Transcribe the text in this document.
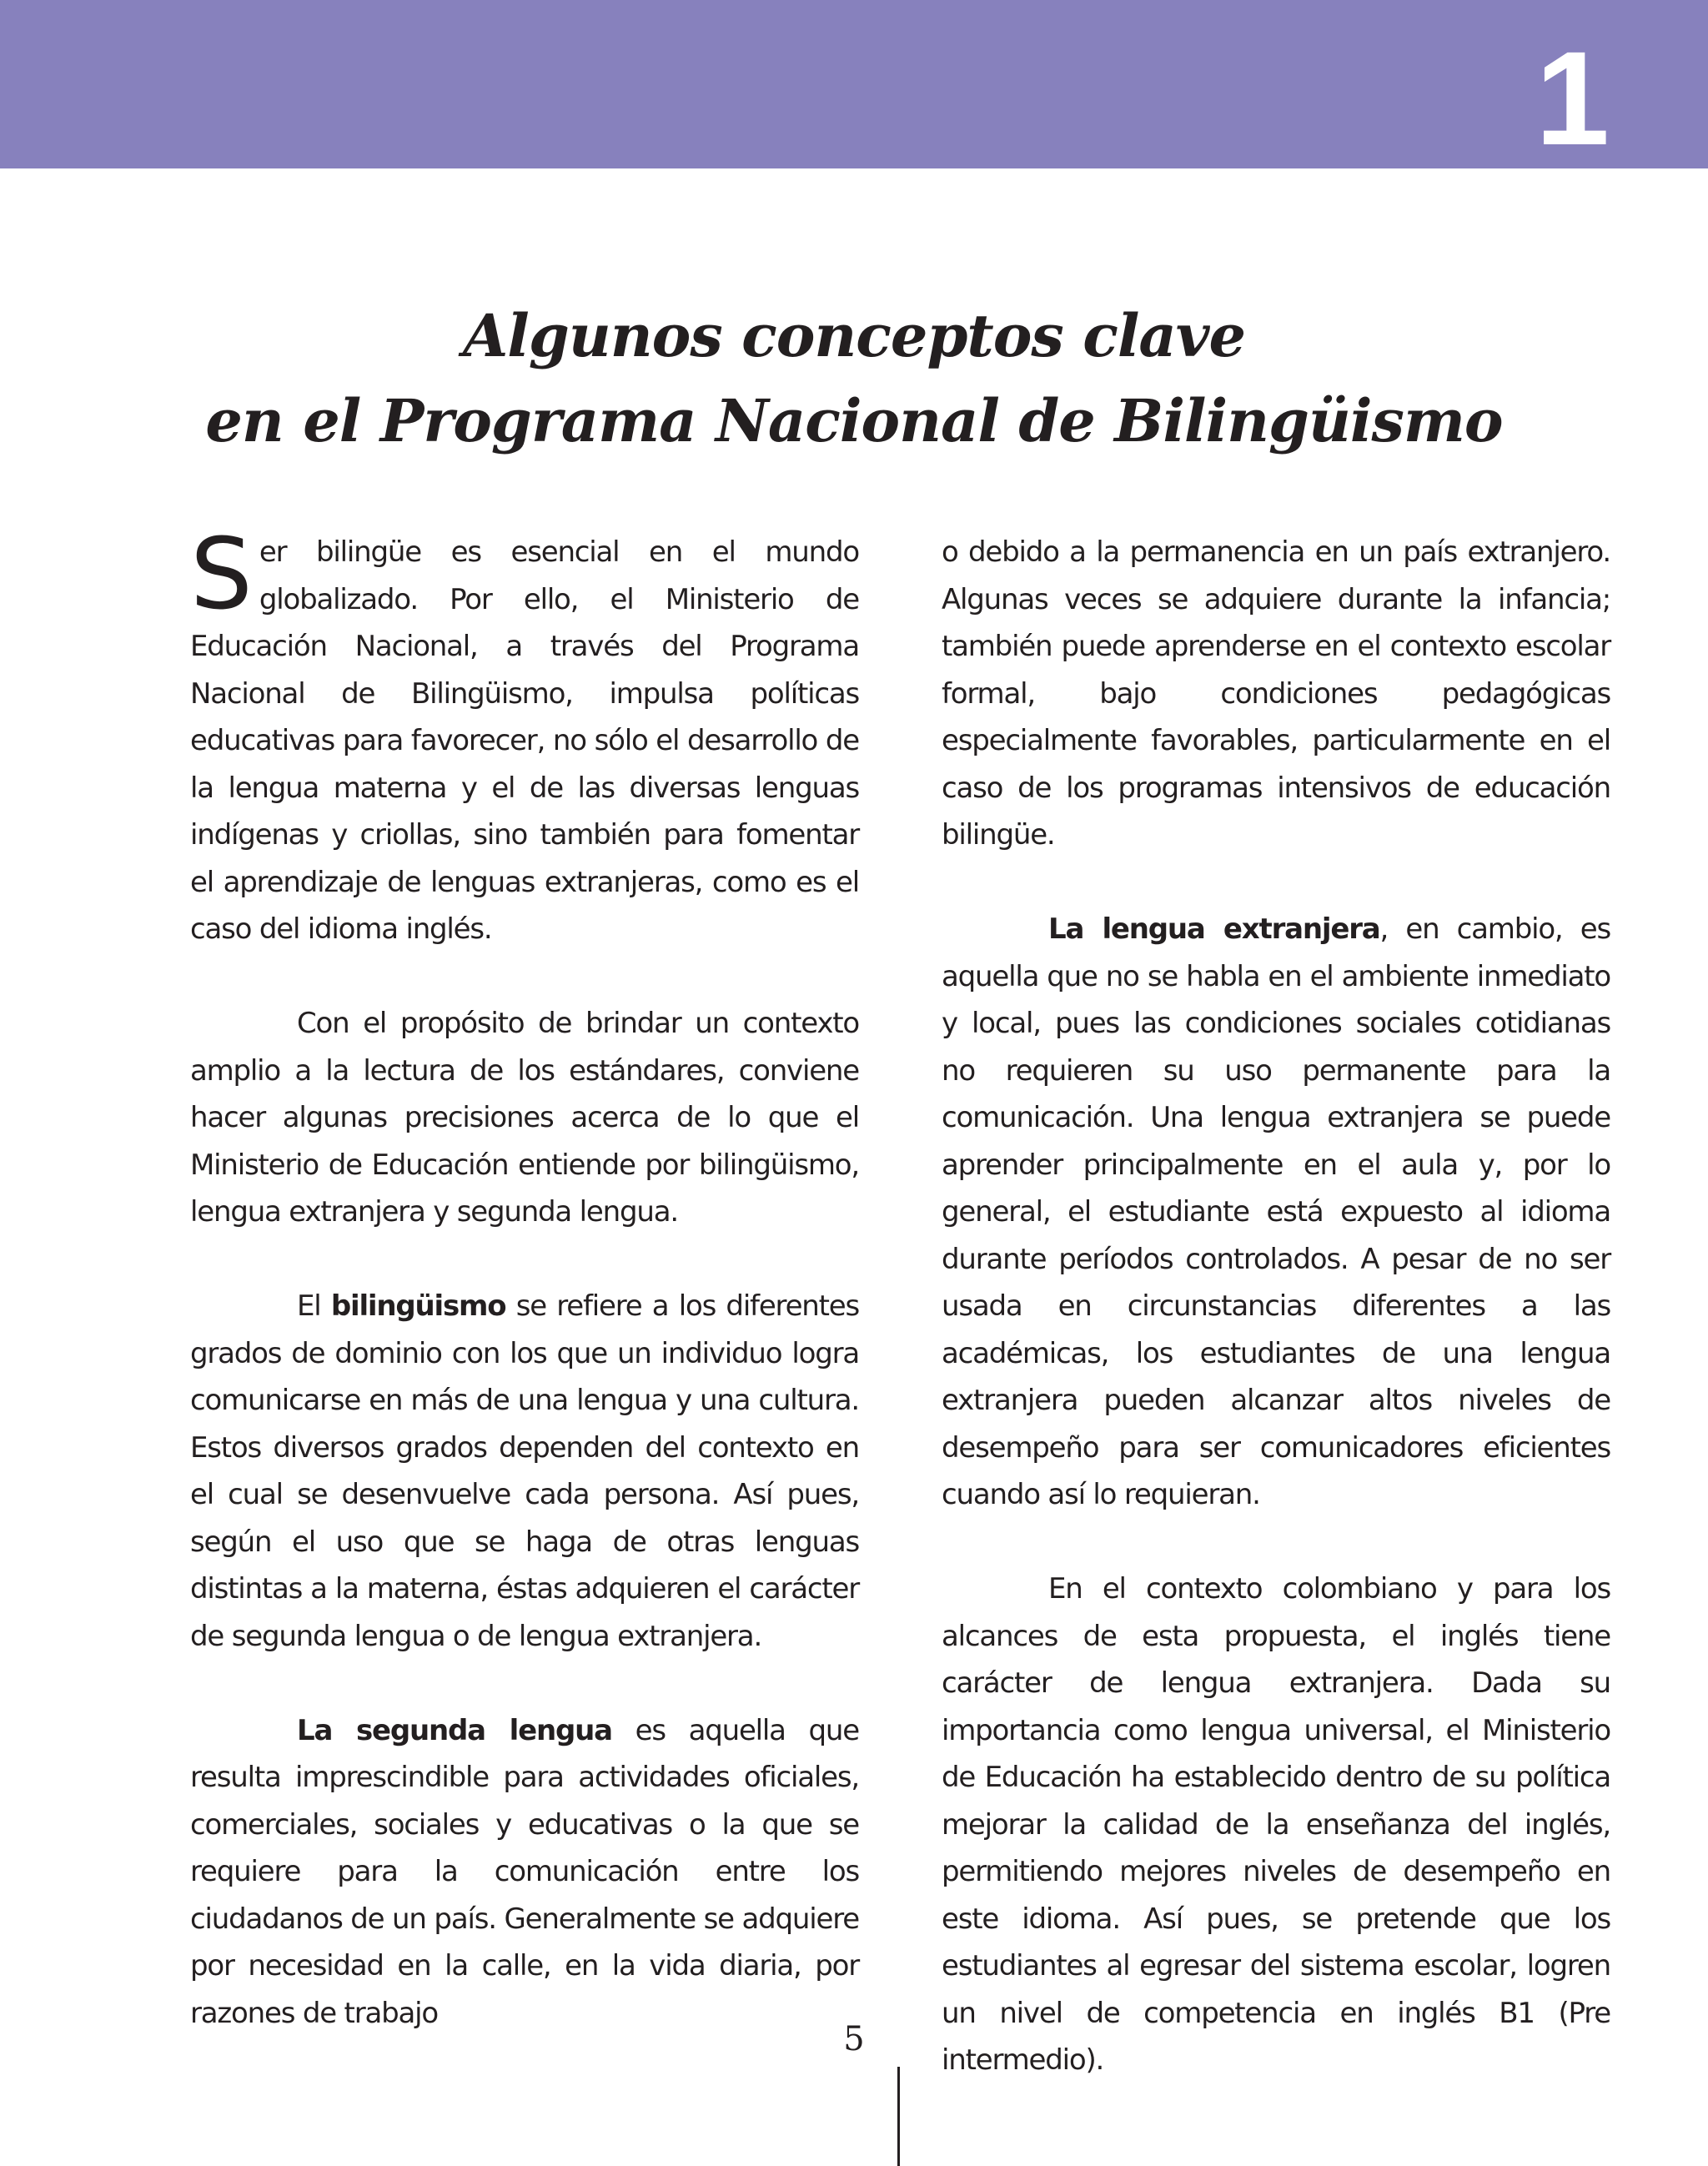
1
Algunos conceptos clave
en el Programa Nacional de Bilingüismo

Ser bilingüe es esencial en el mundo globalizado. Por ello, el Ministerio de Educación Nacional, a través del Programa Nacional de Bilingüismo, impulsa políticas educativas para favorecer, no sólo el desarrollo de la lengua materna y el de las diversas lenguas indígenas y criollas, sino también para fomentar el aprendizaje de lenguas extranjeras, como es el caso del idioma inglés.

Con el propósito de brindar un contexto amplio a la lectura de los estándares, conviene hacer algunas precisiones acerca de lo que el Ministerio de Educación entiende por bilingüismo, lengua extranjera y segunda lengua.

El bilingüismo se refiere a los diferentes grados de dominio con los que un individuo logra comunicarse en más de una lengua y una cultura. Estos diversos grados dependen del contexto en el cual se desenvuelve cada persona. Así pues, según el uso que se haga de otras lenguas distintas a la materna, éstas adquieren el carácter de segunda lengua o de lengua extranjera.

La segunda lengua es aquella que resulta imprescindible para actividades oficiales, comerciales, sociales y educativas o la que se requiere para la comunicación entre los ciudadanos de un país. Generalmente se adquiere por necesidad en la calle, en la vida diaria, por razones de trabajo

o debido a la permanencia en un país extranjero. Algunas veces se adquiere durante la infancia; también puede aprenderse en el contexto escolar formal, bajo condiciones pedagógicas especialmente favorables, particularmente en el caso de los programas intensivos de educación bilingüe.

La lengua extranjera, en cambio, es aquella que no se habla en el ambiente inmediato y local, pues las condiciones sociales cotidianas no requieren su uso permanente para la comunicación. Una lengua extranjera se puede aprender principalmente en el aula y, por lo general, el estudiante está expuesto al idioma durante períodos controlados. A pesar de no ser usada en circunstancias diferentes a las académicas, los estudiantes de una lengua extranjera pueden alcanzar altos niveles de desempeño para ser comunicadores eficientes cuando así lo requieran.

En el contexto colombiano y para los alcances de esta propuesta, el inglés tiene carácter de lengua extranjera. Dada su importancia como lengua universal, el Ministerio de Educación ha establecido dentro de su política mejorar la calidad de la enseñanza del inglés, permitiendo mejores niveles de desempeño en este idioma. Así pues, se pretende que los estudiantes al egresar del sistema escolar, logren un nivel de competencia en inglés B1 (Pre intermedio).

5
